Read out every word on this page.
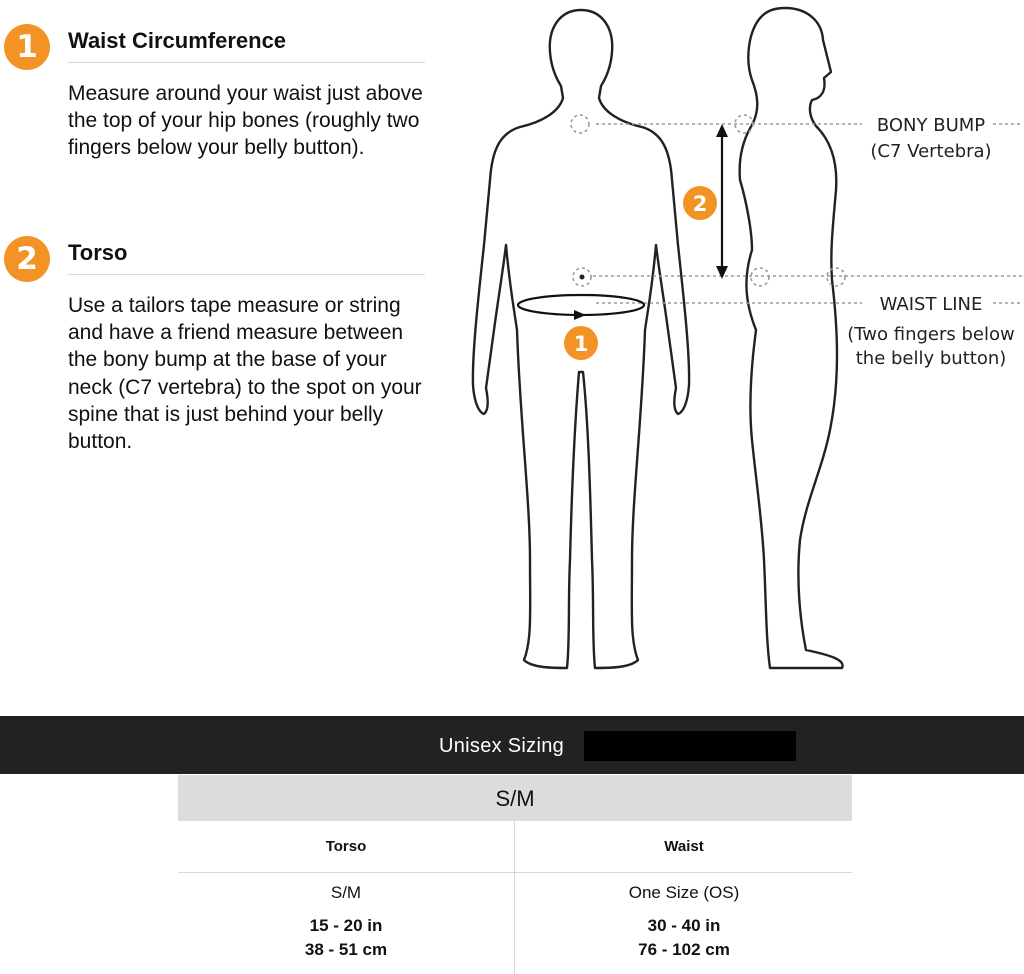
1	Waist Circumference

Measure around your waist just above the top of your hip bones (roughly two fingers below your belly button).

2	Torso

Use a tailors tape measure or string and have a friend measure between the bony bump at the base of your neck (C7 vertebra) to the spot on your spine that is just behind your belly button.

1
2
BONY BUMP
(C7 Vertebra)
WAIST LINE
(Two fingers below
the belly button)
Unisex Sizing
S/M
Torso
S/M
15 - 20 in
38 - 51 cm
Waist
One Size (OS)
30 - 40 in
76 - 102 cm
